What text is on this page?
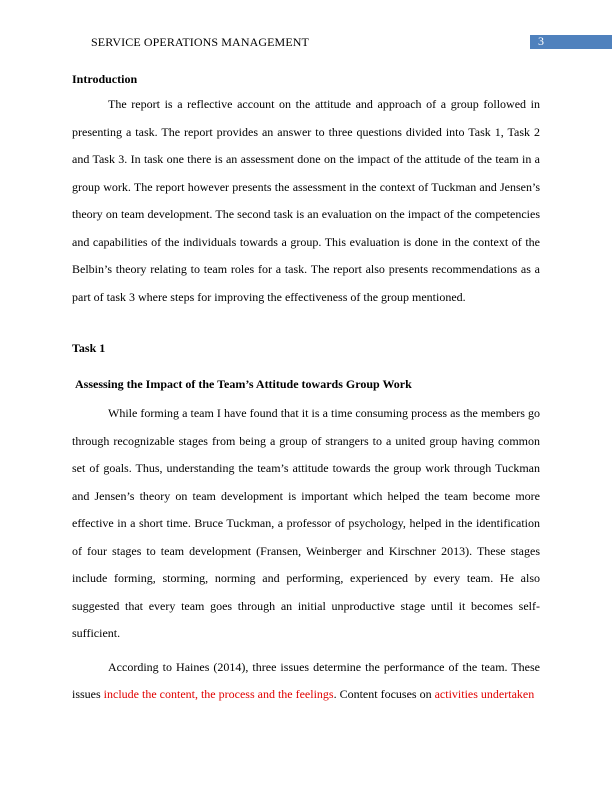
SERVICE OPERATIONS MANAGEMENT	3

Introduction

The report is a reflective account on the attitude and approach of a group followed in presenting a task. The report provides an answer to three questions divided into Task 1, Task 2 and Task 3. In task one there is an assessment done on the impact of the attitude of the team in a group work. The report however presents the assessment in the context of Tuckman and Jensen’s theory on team development. The second task is an evaluation on the impact of the competencies and capabilities of the individuals towards a group. This evaluation is done in the context of the Belbin’s theory relating to team roles for a task. The report also presents recommendations as a part of task 3 where steps for improving the effectiveness of the group mentioned.

Task 1

Assessing the Impact of the Team’s Attitude towards Group Work

While forming a team I have found that it is a time consuming process as the members go through recognizable stages from being a group of strangers to a united group having common set of goals. Thus, understanding the team’s attitude towards the group work through Tuckman and Jensen’s theory on team development is important which helped the team become more effective in a short time. Bruce Tuckman, a professor of psychology, helped in the identification of four stages to team development (Fransen, Weinberger and Kirschner 2013). These stages include forming, storming, norming and performing, experienced by every team. He also suggested that every team goes through an initial unproductive stage until it becomes self-sufficient.

According to Haines (2014), three issues determine the performance of the team. These issues include the content, the process and the feelings. Content focuses on activities undertaken
